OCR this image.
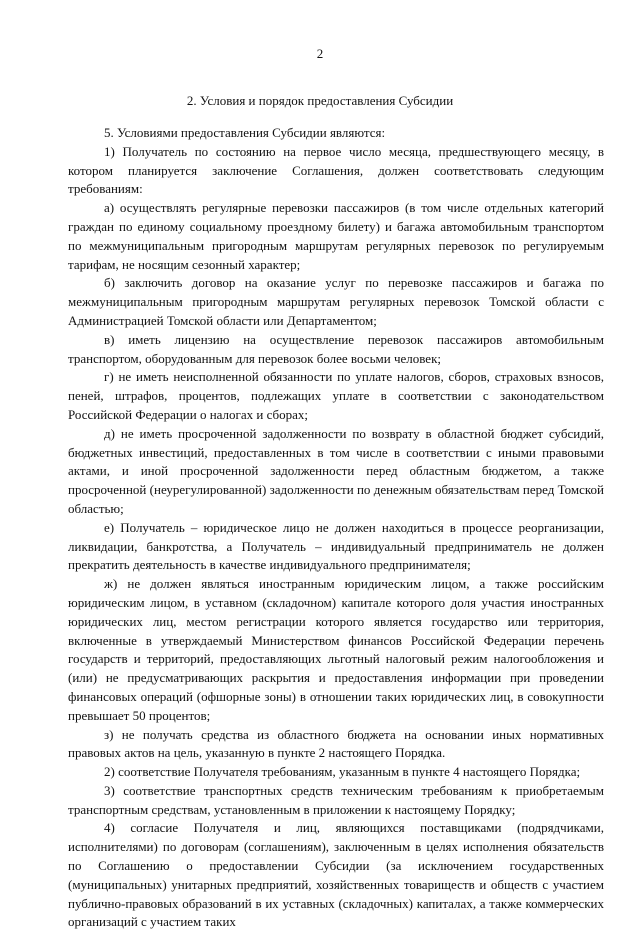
2
2. Условия и порядок предоставления Субсидии

5. Условиями предоставления Субсидии являются:

1) Получатель по состоянию на первое число месяца, предшествующего месяцу, в котором планируется заключение Соглашения, должен соответствовать следующим требованиям:

а) осуществлять регулярные перевозки пассажиров (в том числе отдельных категорий граждан по единому социальному проездному билету) и багажа автомобильным транспортом по межмуниципальным пригородным маршрутам регулярных перевозок по регулируемым тарифам, не носящим сезонный характер;

б) заключить договор на оказание услуг по перевозке пассажиров и багажа по межмуниципальным пригородным маршрутам регулярных перевозок Томской области с Администрацией Томской области или Департаментом;

в) иметь лицензию на осуществление перевозок пассажиров автомобильным транспортом, оборудованным для перевозок более восьми человек;

г) не иметь неисполненной обязанности по уплате налогов, сборов, страховых взносов, пеней, штрафов, процентов, подлежащих уплате в соответствии с законодательством Российской Федерации о налогах и сборах;

д) не иметь просроченной задолженности по возврату в областной бюджет субсидий, бюджетных инвестиций, предоставленных в том числе в соответствии с иными правовыми актами, и иной просроченной задолженности перед областным бюджетом, а также просроченной (неурегулированной) задолженности по денежным обязательствам перед Томской областью;

е) Получатель – юридическое лицо не должен находиться в процессе реорганизации, ликвидации, банкротства, а Получатель – индивидуальный предприниматель не должен прекратить деятельность в качестве индивидуального предпринимателя;

ж) не должен являться иностранным юридическим лицом, а также российским юридическим лицом, в уставном (складочном) капитале которого доля участия иностранных юридических лиц, местом регистрации которого является государство или территория, включенные в утверждаемый Министерством финансов Российской Федерации перечень государств и территорий, предоставляющих льготный налоговый режим налогообложения и (или) не предусматривающих раскрытия и предоставления информации при проведении финансовых операций (офшорные зоны) в отношении таких юридических лиц, в совокупности превышает 50 процентов;

з) не получать средства из областного бюджета на основании иных нормативных правовых актов на цель, указанную в пункте 2 настоящего Порядка.

2) соответствие Получателя требованиям, указанным в пункте 4 настоящего Порядка;

3) соответствие транспортных средств техническим требованиям к приобретаемым транспортным средствам, установленным в приложении к настоящему Порядку;

4) согласие Получателя и лиц, являющихся поставщиками (подрядчиками, исполнителями) по договорам (соглашениям), заключенным в целях исполнения обязательств по Соглашению о предоставлении Субсидии (за исключением государственных (муниципальных) унитарных предприятий, хозяйственных товариществ и обществ с участием публично-правовых образований в их уставных (складочных) капиталах, а также коммерческих организаций с участием таких
